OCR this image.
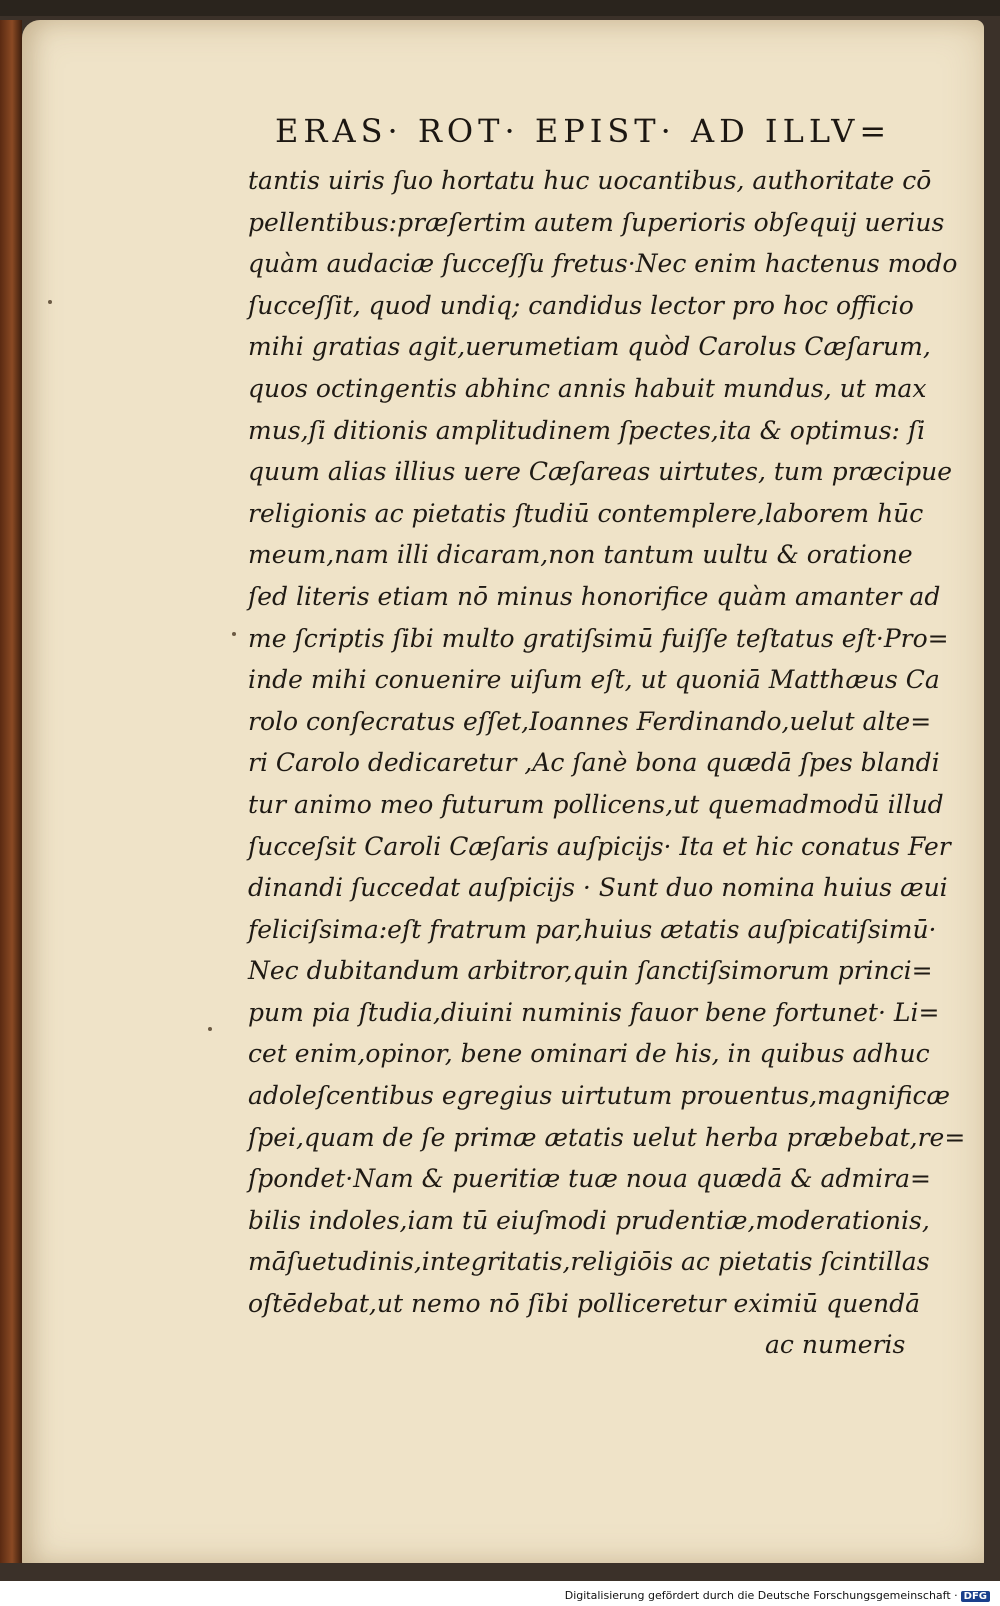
ERAS· ROT· EPIST· AD ILLV=
tantis uiris ſuo hortatu huc uocantibus, authoritate cō
pellentibus:præſertim autem ſuperioris obſequij uerius
quàm audaciæ ſucceſſu fretus·Nec enim hactenus modo
ſucceſſit, quod undiq; candidus lector pro hoc officio
mihi gratias agit,uerumetiam quòd Carolus Cæſarum,
quos octingentis abhinc annis habuit mundus, ut max
mus,ſi ditionis amplitudinem ſpectes,ita & optimus: ſi
quum alias illius uere Cæſareas uirtutes, tum præcipue
religionis ac pietatis ſtudiū contemplere,laborem hūc
meum,nam illi dicaram,non tantum uultu & oratione
ſed literis etiam nō minus honorifice quàm amanter ad
me ſcriptis ſibi multo gratiſsimū fuiſſe teſtatus eſt·Pro=
inde mihi conuenire uiſum eſt, ut quoniā Matthæus Ca
rolo conſecratus eſſet,Ioannes Ferdinando,uelut alte=
ri Carolo dedicaretur ,Ac ſanè bona quædā ſpes blandi
tur animo meo futurum pollicens,ut quemadmodū illud
ſucceſsit Caroli Cæſaris auſpicijs· Ita et hic conatus Fer
dinandi ſuccedat auſpicijs · Sunt duo nomina huius æui
feliciſsima:eſt fratrum par,huius ætatis auſpicatiſsimū·
Nec dubitandum arbitror,quin ſanctiſsimorum princi=
pum pia ſtudia,diuini numinis fauor bene fortunet· Li=
cet enim,opinor, bene ominari de his, in quibus adhuc
adoleſcentibus egregius uirtutum prouentus,magnificæ
ſpei,quam de ſe primæ ætatis uelut herba præbebat,re=
ſpondet·Nam & pueritiæ tuæ noua quædā & admira=
bilis indoles,iam tū eiuſmodi prudentiæ,moderationis,
māſuetudinis,integritatis,religiōis ac pietatis ſcintillas
oſtēdebat,ut nemo nō ſibi polliceretur eximiū quendā
ac numeris
Digitalisierung gefördert durch die Deutsche Forschungsgemeinschaft · DFG
